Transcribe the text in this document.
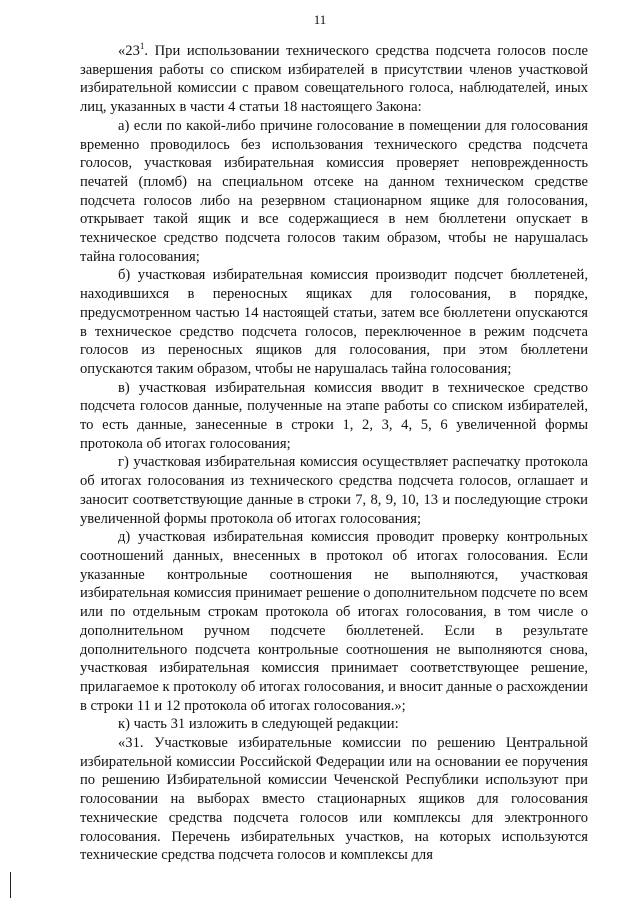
11

«$23^1$. При использовании технического средства подсчета голосов после завершения работы со списком избирателей в присутствии членов участковой избирательной комиссии с правом совещательного голоса, наблюдателей, иных лиц, указанных в части 4 статьи 18 настоящего Закона:

а) если по какой-либо причине голосование в помещении для голосования временно проводилось без использования технического средства подсчета голосов, участковая избирательная комиссия проверяет неповрежденность печатей (пломб) на специальном отсеке на данном техническом средстве подсчета голосов либо на резервном стационарном ящике для голосования, открывает такой ящик и все содержащиеся в нем бюллетени опускает в техническое средство подсчета голосов таким образом, чтобы не нарушалась тайна голосования;

б) участковая избирательная комиссия производит подсчет бюллетеней, находившихся в переносных ящиках для голосования, в порядке, предусмотренном частью 14 настоящей статьи, затем все бюллетени опускаются в техническое средство подсчета голосов, переключенное в режим подсчета голосов из переносных ящиков для голосования, при этом бюллетени опускаются таким образом, чтобы не нарушалась тайна голосования;

в) участковая избирательная комиссия вводит в техническое средство подсчета голосов данные, полученные на этапе работы со списком избирателей, то есть данные, занесенные в строки 1, 2, 3, 4, 5, 6 увеличенной формы протокола об итогах голосования;

г) участковая избирательная комиссия осуществляет распечатку протокола об итогах голосования из технического средства подсчета голосов, оглашает и заносит соответствующие данные в строки 7, 8, 9, 10, 13 и последующие строки увеличенной формы протокола об итогах голосования;

д) участковая избирательная комиссия проводит проверку контрольных соотношений данных, внесенных в протокол об итогах голосования. Если указанные контрольные соотношения не выполняются, участковая избирательная комиссия принимает решение о дополнительном подсчете по всем или по отдельным строкам протокола об итогах голосования, в том числе о дополнительном ручном подсчете бюллетеней. Если в результате дополнительного подсчета контрольные соотношения не выполняются снова, участковая избирательная комиссия принимает соответствующее решение, прилагаемое к протоколу об итогах голосования, и вносит данные о расхождении в строки 11 и 12 протокола об итогах голосования.»;

к) часть 31 изложить в следующей редакции:

«31. Участковые избирательные комиссии по решению Центральной избирательной комиссии Российской Федерации или на основании ее поручения по решению Избирательной комиссии Чеченской Республики используют при голосовании на выборах вместо стационарных ящиков для голосования технические средства подсчета голосов или комплексы для электронного голосования. Перечень избирательных участков, на которых используются технические средства подсчета голосов и комплексы для
